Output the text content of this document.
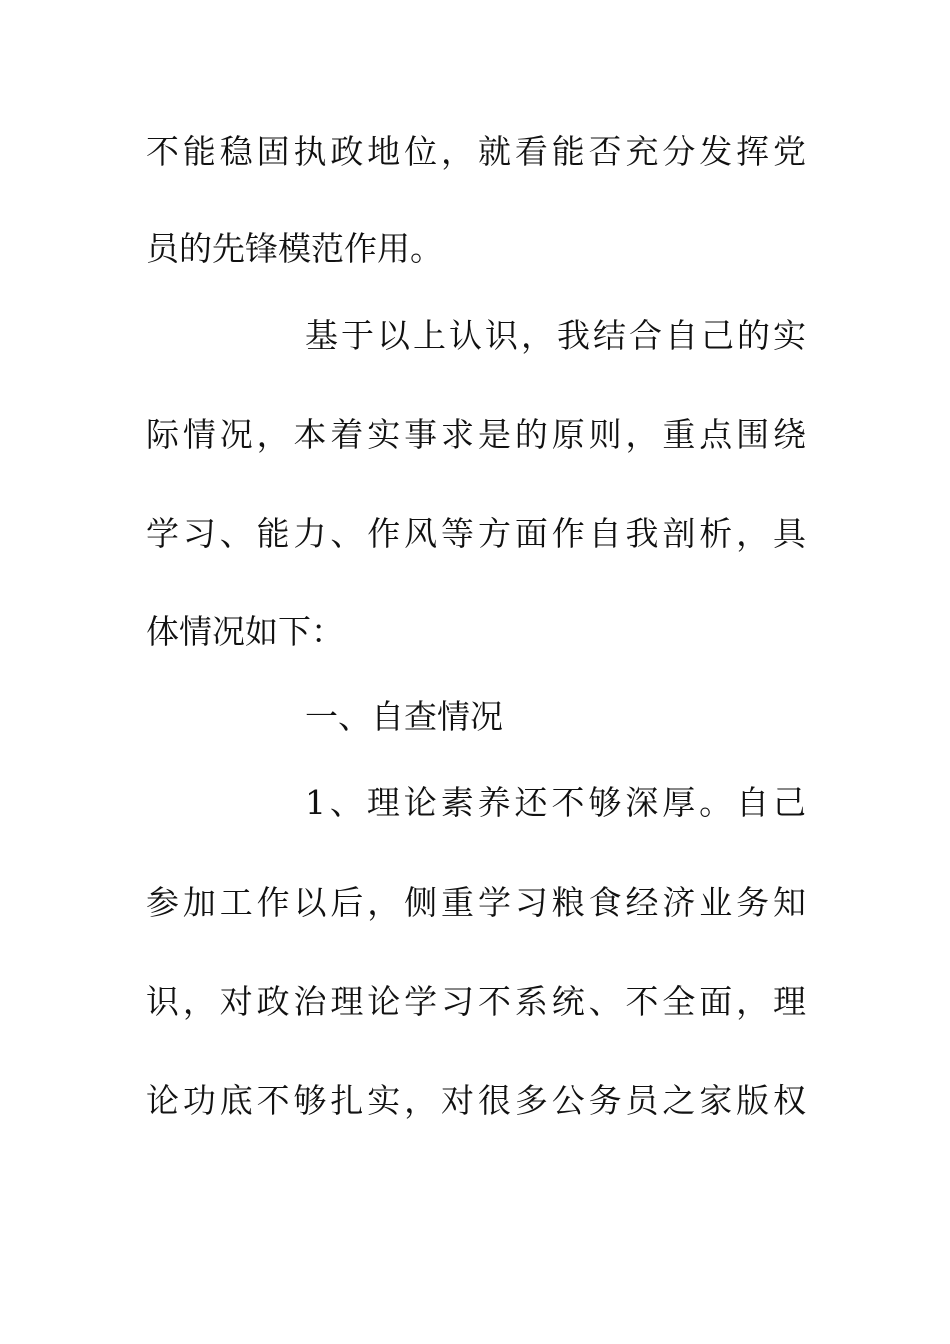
不能稳固执政地位，就看能否充分发挥党
员的先锋模范作用。
基于以上认识，我结合自己的实
际情况，本着实事求是的原则，重点围绕
学习、能力、作风等方面作自我剖析，具
体情况如下：
一、自查情况
1、理论素养还不够深厚。自己
参加工作以后，侧重学习粮食经济业务知
识，对政治理论学习不系统、不全面，理
论功底不够扎实，对很多公务员之家版权
